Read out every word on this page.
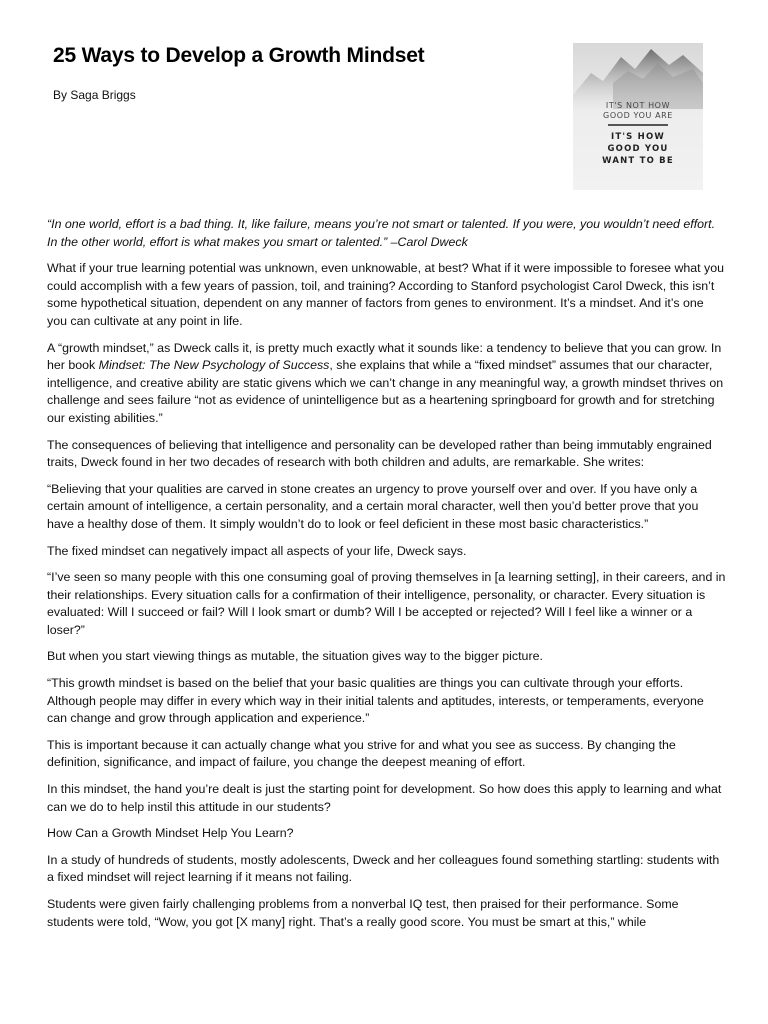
25 Ways to Develop a Growth Mindset

By Saga Briggs

IT'S NOT HOW
GOOD YOU ARE
IT'S HOW
GOOD YOU
WANT TO BE

“In one world, effort is a bad thing. It, like failure, means you’re not smart or talented. If you were, you wouldn’t need effort. In the other world, effort is what makes you smart or talented.” –Carol Dweck

What if your true learning potential was unknown, even unknowable, at best? What if it were impossible to foresee what you could accomplish with a few years of passion, toil, and training? According to Stanford psychologist Carol Dweck, this isn’t some hypothetical situation, dependent on any manner of factors from genes to environment. It’s a mindset. And it’s one you can cultivate at any point in life.

A “growth mindset,” as Dweck calls it, is pretty much exactly what it sounds like: a tendency to believe that you can grow. In her book Mindset: The New Psychology of Success, she explains that while a “fixed mindset” assumes that our character, intelligence, and creative ability are static givens which we can’t change in any meaningful way, a growth mindset thrives on challenge and sees failure “not as evidence of unintelligence but as a heartening springboard for growth and for stretching our existing abilities.”

The consequences of believing that intelligence and personality can be developed rather than being immutably engrained traits, Dweck found in her two decades of research with both children and adults, are remarkable. She writes:

“Believing that your qualities are carved in stone creates an urgency to prove yourself over and over. If you have only a certain amount of intelligence, a certain personality, and a certain moral character, well then you’d better prove that you have a healthy dose of them. It simply wouldn’t do to look or feel deficient in these most basic characteristics.”

The fixed mindset can negatively impact all aspects of your life, Dweck says.

“I’ve seen so many people with this one consuming goal of proving themselves in [a learning setting], in their careers, and in their relationships. Every situation calls for a confirmation of their intelligence, personality, or character. Every situation is evaluated: Will I succeed or fail? Will I look smart or dumb? Will I be accepted or rejected? Will I feel like a winner or a loser?”

But when you start viewing things as mutable, the situation gives way to the bigger picture.

“This growth mindset is based on the belief that your basic qualities are things you can cultivate through your efforts. Although people may differ in every which way in their initial talents and aptitudes, interests, or temperaments, everyone can change and grow through application and experience.”

This is important because it can actually change what you strive for and what you see as success. By changing the definition, significance, and impact of failure, you change the deepest meaning of effort.

In this mindset, the hand you’re dealt is just the starting point for development. So how does this apply to learning and what can we do to help instil this attitude in our students?

How Can a Growth Mindset Help You Learn?

In a study of hundreds of students, mostly adolescents, Dweck and her colleagues found something startling: students with a fixed mindset will reject learning if it means not failing.

Students were given fairly challenging problems from a nonverbal IQ test, then praised for their performance. Some students were told, “Wow, you got [X many] right. That’s a really good score. You must be smart at this,” while
